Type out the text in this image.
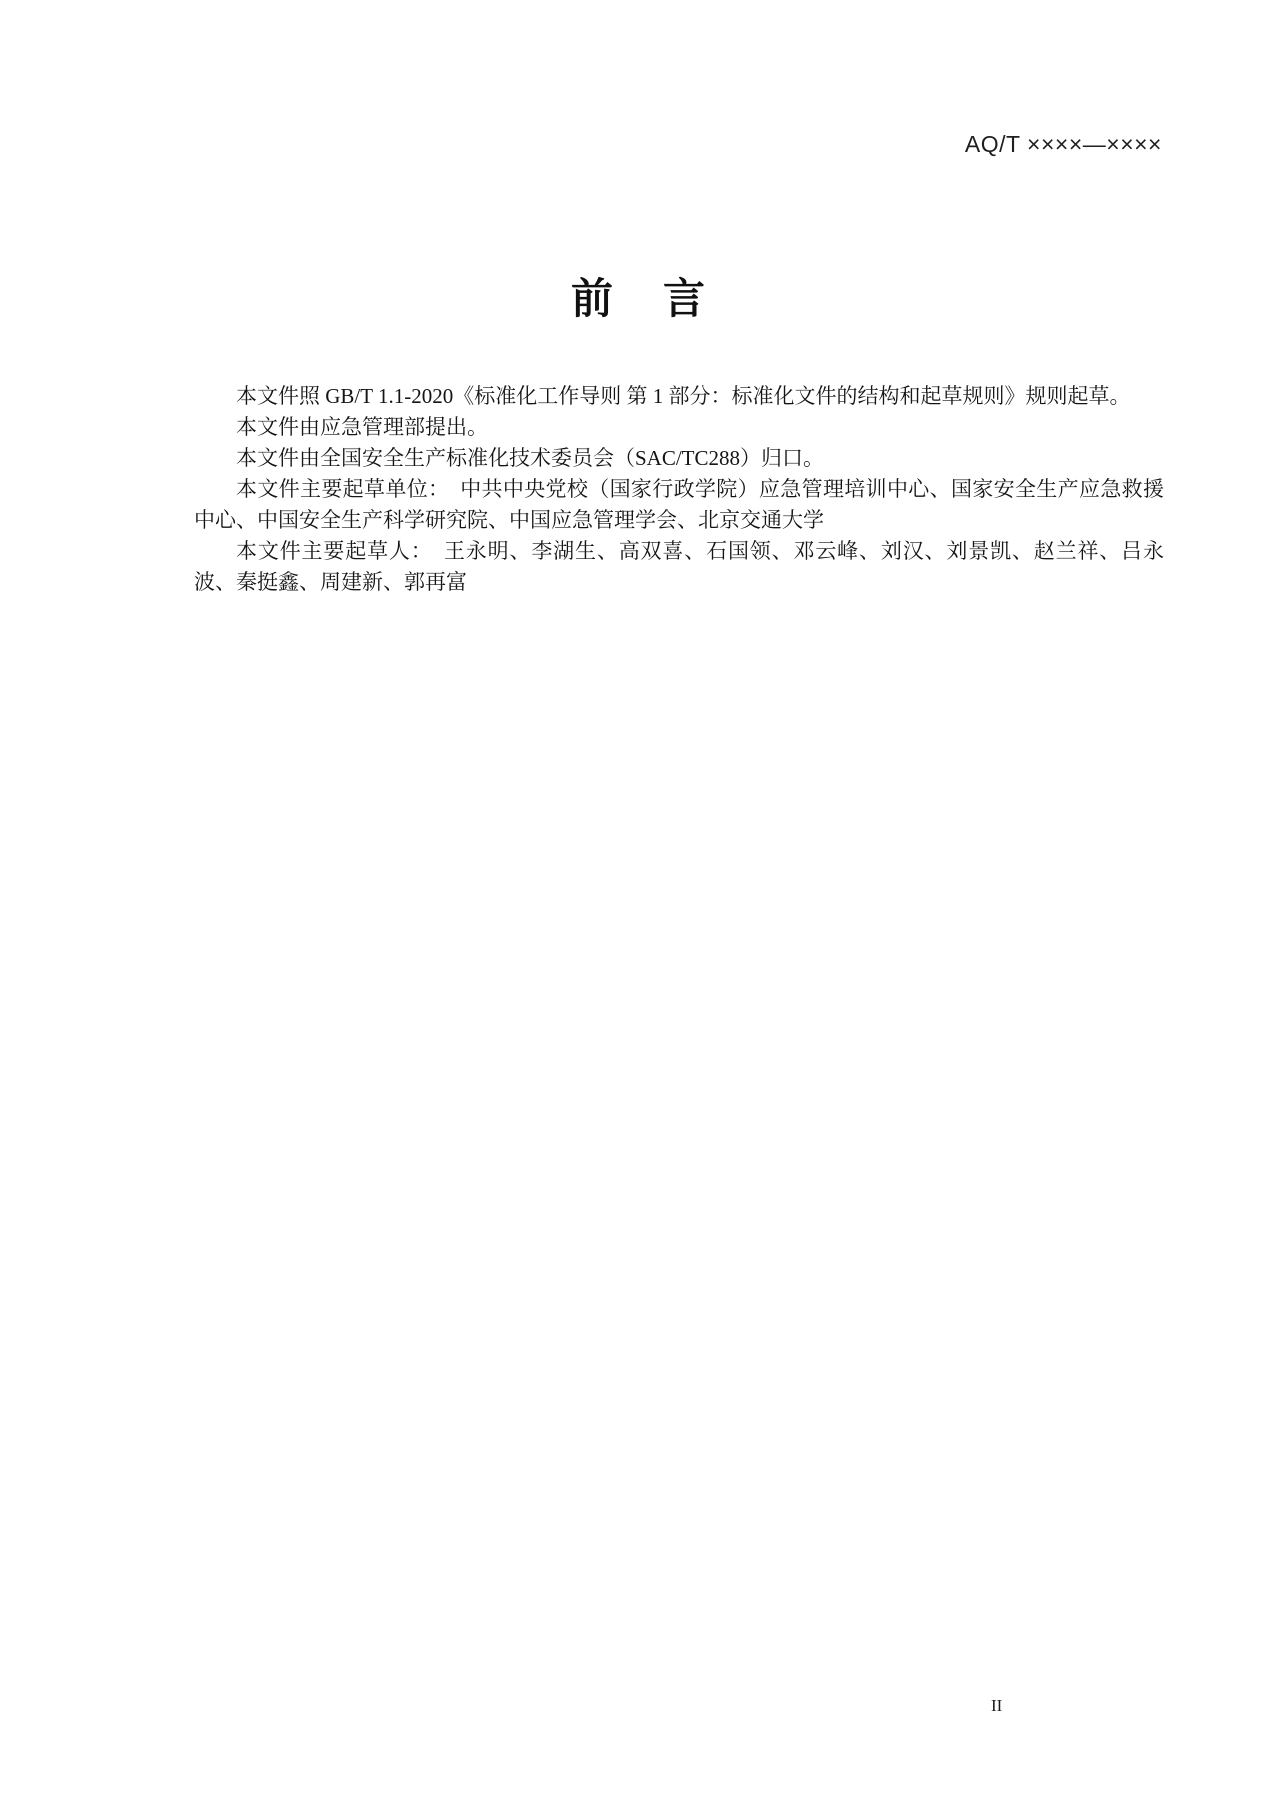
AQ/T ××××—××××
前　言

本文件照 GB/T 1.1-2020《标准化工作导则 第 1 部分：标准化文件的结构和起草规则》规则起草。

本文件由应急管理部提出。

本文件由全国安全生产标准化技术委员会（SAC/TC288）归口。

本文件主要起草单位：　中共中央党校（国家行政学院）应急管理培训中心、国家安全生产应急救援中心、中国安全生产科学研究院、中国应急管理学会、北京交通大学

本文件主要起草人：　王永明、李湖生、高双喜、石国领、邓云峰、刘汉、刘景凯、赵兰祥、吕永波、秦挺鑫、周建新、郭再富

II
